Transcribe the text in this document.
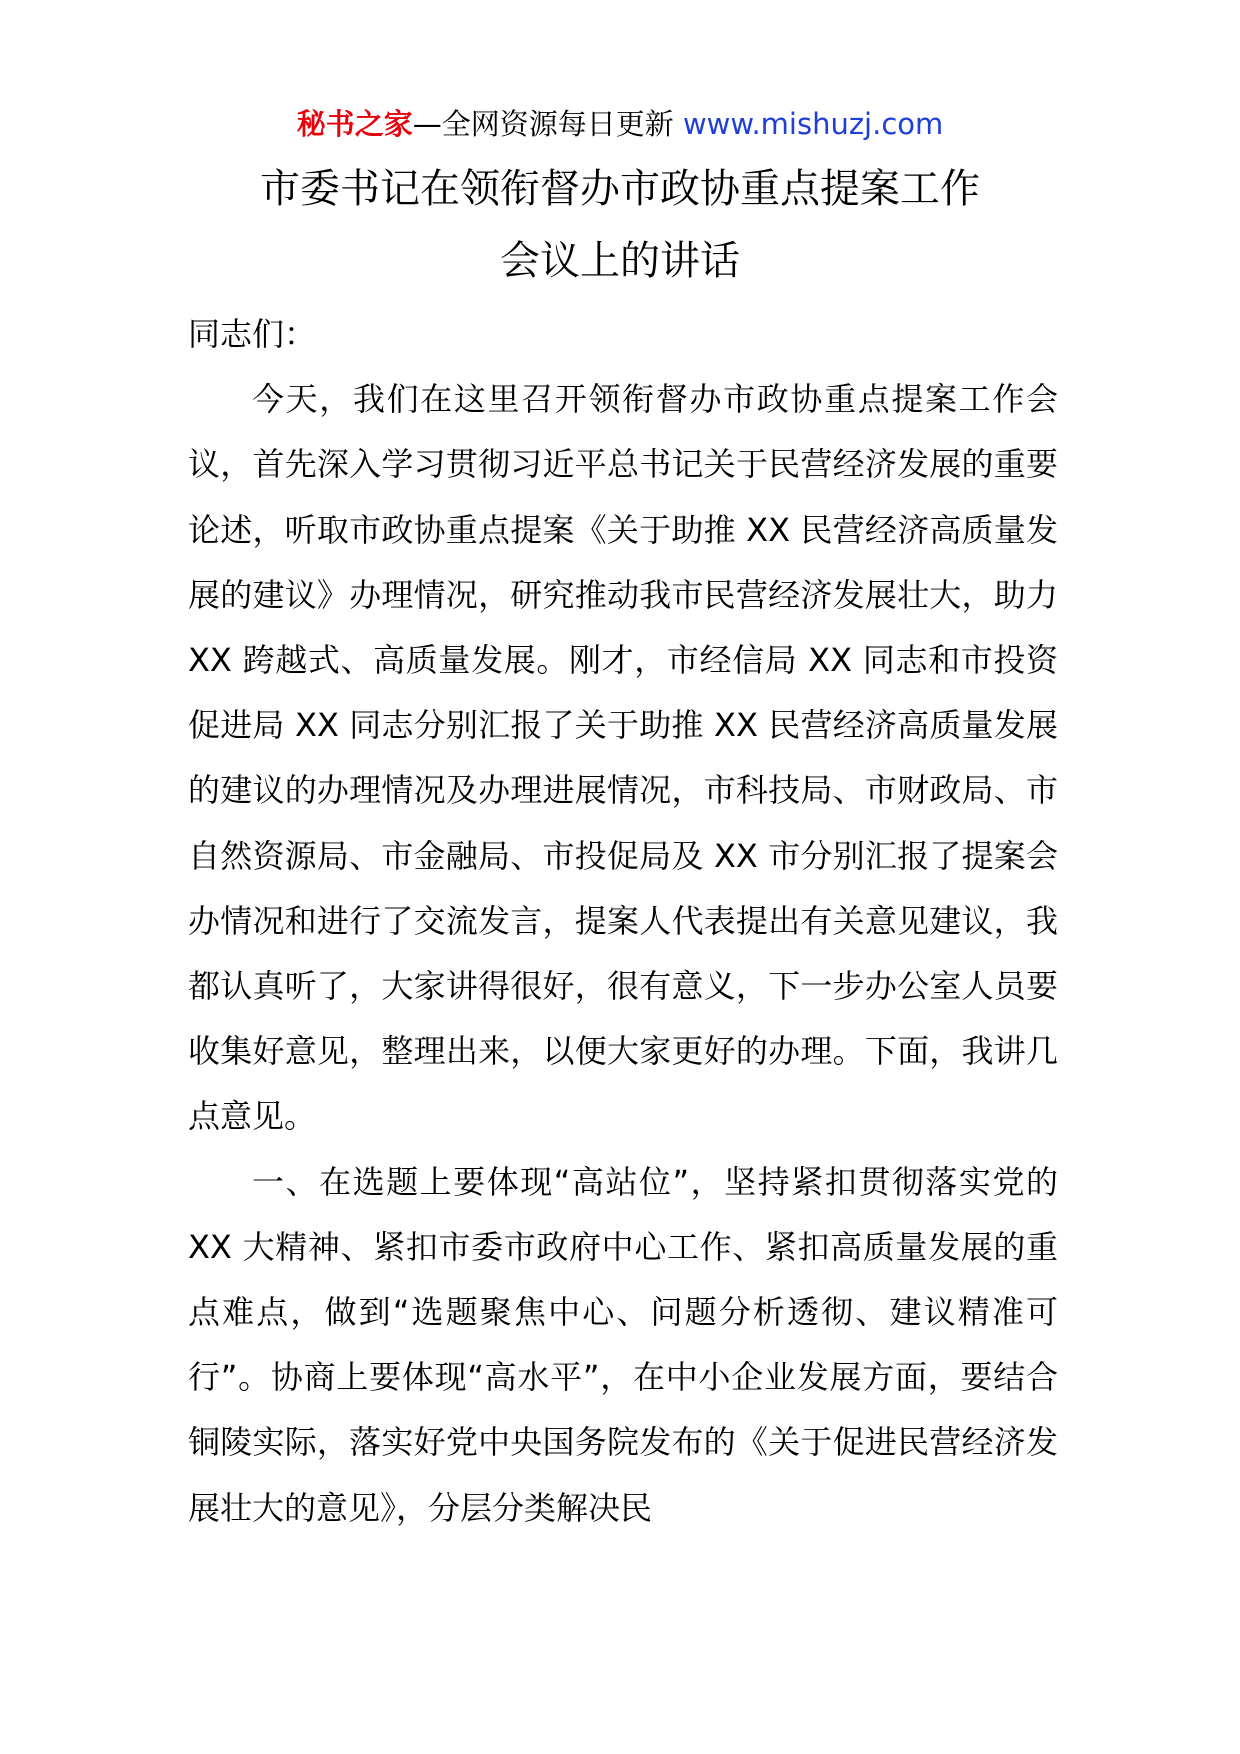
秘书之家—全网资源每日更新 www.mishuzj.com
市委书记在领衔督办市政协重点提案工作
会议上的讲话

同志们：

今天，我们在这里召开领衔督办市政协重点提案工作会议，首先深入学习贯彻习近平总书记关于民营经济发展的重要论述，听取市政协重点提案《关于助推 XX 民营经济高质量发展的建议》办理情况，研究推动我市民营经济发展壮大，助力 XX 跨越式、高质量发展。刚才，市经信局 XX 同志和市投资促进局 XX 同志分别汇报了关于助推 XX 民营经济高质量发展的建议的办理情况及办理进展情况，市科技局、市财政局、市自然资源局、市金融局、市投促局及 XX 市分别汇报了提案会办情况和进行了交流发言，提案人代表提出有关意见建议，我都认真听了，大家讲得很好，很有意义，下一步办公室人员要收集好意见，整理出来，以便大家更好的办理。下面，我讲几点意见。

一、在选题上要体现“高站位”，坚持紧扣贯彻落实党的 XX 大精神、紧扣市委市政府中心工作、紧扣高质量发展的重点难点，做到“选题聚焦中心、问题分析透彻、建议精准可行”。协商上要体现“高水平”，在中小企业发展方面，要结合铜陵实际，落实好党中央国务院发布的《关于促进民营经济发展壮大的意见》，分层分类解决民
